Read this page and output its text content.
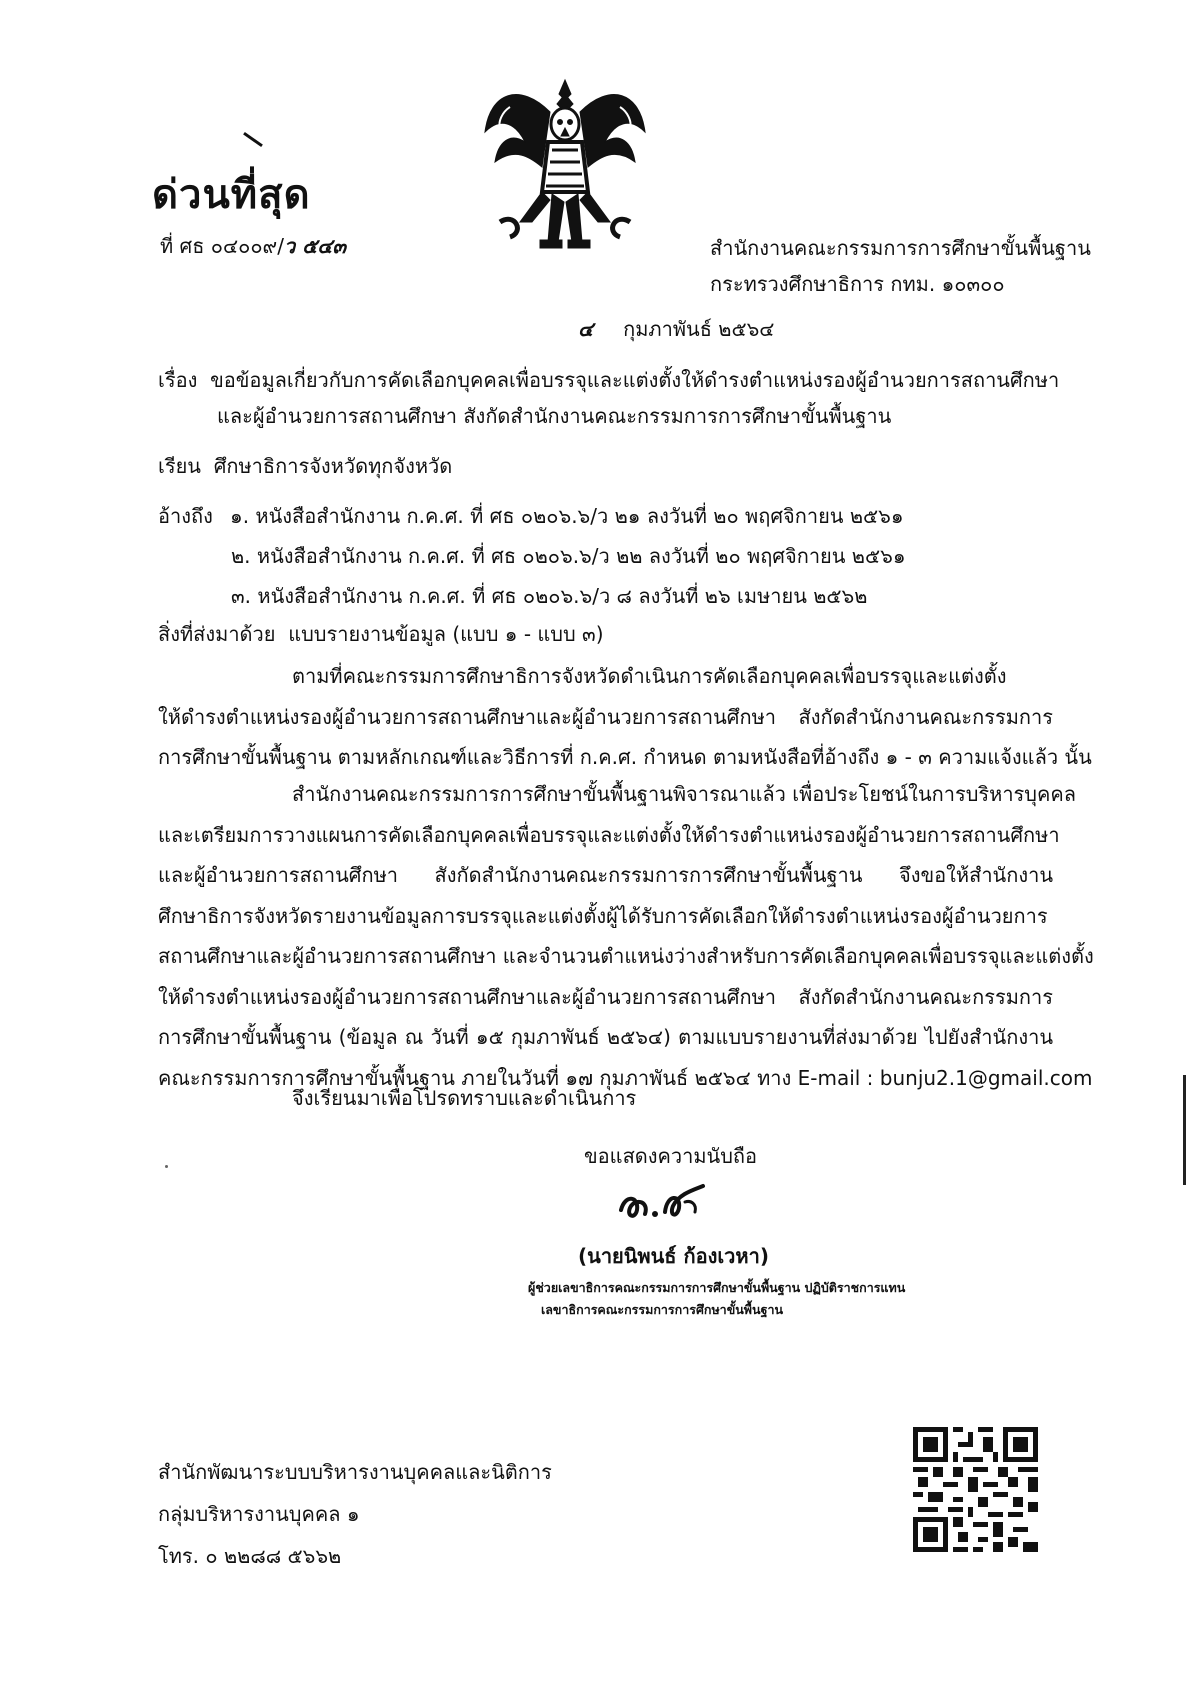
ด่วนที่สุด
ที่ ศธ ๐๔๐๐๙/ว ๕๔๓	สำนักงานคณะกรรมการการศึกษาขั้นพื้นฐาน
กระทรวงศึกษาธิการ กทม. ๑๐๓๐๐
๔ กุมภาพันธ์ ๒๕๖๔
เรื่อง ขอข้อมูลเกี่ยวกับการคัดเลือกบุคคลเพื่อบรรจุและแต่งตั้งให้ดำรงตำแหน่งรองผู้อำนวยการสถานศึกษา
และผู้อำนวยการสถานศึกษา สังกัดสำนักงานคณะกรรมการการศึกษาขั้นพื้นฐาน
เรียน ศึกษาธิการจังหวัดทุกจังหวัด
อ้างถึง ๑. หนังสือสำนักงาน ก.ค.ศ. ที่ ศธ ๐๒๐๖.๖/ว ๒๑ ลงวันที่ ๒๐ พฤศจิกายน ๒๕๖๑
๒. หนังสือสำนักงาน ก.ค.ศ. ที่ ศธ ๐๒๐๖.๖/ว ๒๒ ลงวันที่ ๒๐ พฤศจิกายน ๒๕๖๑
๓. หนังสือสำนักงาน ก.ค.ศ. ที่ ศธ ๐๒๐๖.๖/ว ๘ ลงวันที่ ๒๖ เมษายน ๒๕๖๒
สิ่งที่ส่งมาด้วย แบบรายงานข้อมูล (แบบ ๑ - แบบ ๓)
ตามที่คณะกรรมการศึกษาธิการจังหวัดดำเนินการคัดเลือกบุคคลเพื่อบรรจุและแต่งตั้ง
ให้ดำรงตำแหน่งรองผู้อำนวยการสถานศึกษาและผู้อำนวยการสถานศึกษา สังกัดสำนักงานคณะกรรมการ
การศึกษาขั้นพื้นฐาน ตามหลักเกณฑ์และวิธีการที่ ก.ค.ศ. กำหนด ตามหนังสือที่อ้างถึง ๑ - ๓ ความแจ้งแล้ว นั้น
สำนักงานคณะกรรมการการศึกษาขั้นพื้นฐานพิจารณาแล้ว เพื่อประโยชน์ในการบริหารบุคคล
และเตรียมการวางแผนการคัดเลือกบุคคลเพื่อบรรจุและแต่งตั้งให้ดำรงตำแหน่งรองผู้อำนวยการสถานศึกษา
และผู้อำนวยการสถานศึกษา สังกัดสำนักงานคณะกรรมการการศึกษาขั้นพื้นฐาน จึงขอให้สำนักงาน
ศึกษาธิการจังหวัดรายงานข้อมูลการบรรจุและแต่งตั้งผู้ได้รับการคัดเลือกให้ดำรงตำแหน่งรองผู้อำนวยการ
สถานศึกษาและผู้อำนวยการสถานศึกษา และจำนวนตำแหน่งว่างสำหรับการคัดเลือกบุคคลเพื่อบรรจุและแต่งตั้ง
ให้ดำรงตำแหน่งรองผู้อำนวยการสถานศึกษาและผู้อำนวยการสถานศึกษา สังกัดสำนักงานคณะกรรมการ
การศึกษาขั้นพื้นฐาน (ข้อมูล ณ วันที่ ๑๕ กุมภาพันธ์ ๒๕๖๔) ตามแบบรายงานที่ส่งมาด้วย ไปยังสำนักงาน
คณะกรรมการการศึกษาขั้นพื้นฐาน ภายในวันที่ ๑๗ กุมภาพันธ์ ๒๕๖๔ ทาง E-mail : bunju2.1@gmail.com
จึงเรียนมาเพื่อโปรดทราบและดำเนินการ
ขอแสดงความนับถือ
(นายนิพนธ์ ก้องเวหา)
ผู้ช่วยเลขาธิการคณะกรรมการการศึกษาขั้นพื้นฐาน ปฏิบัติราชการแทน
เลขาธิการคณะกรรมการการศึกษาขั้นพื้นฐาน
สำนักพัฒนาระบบบริหารงานบุคคลและนิติการ
กลุ่มบริหารงานบุคคล ๑
โทร. ๐ ๒๒๘๘ ๕๖๖๒
